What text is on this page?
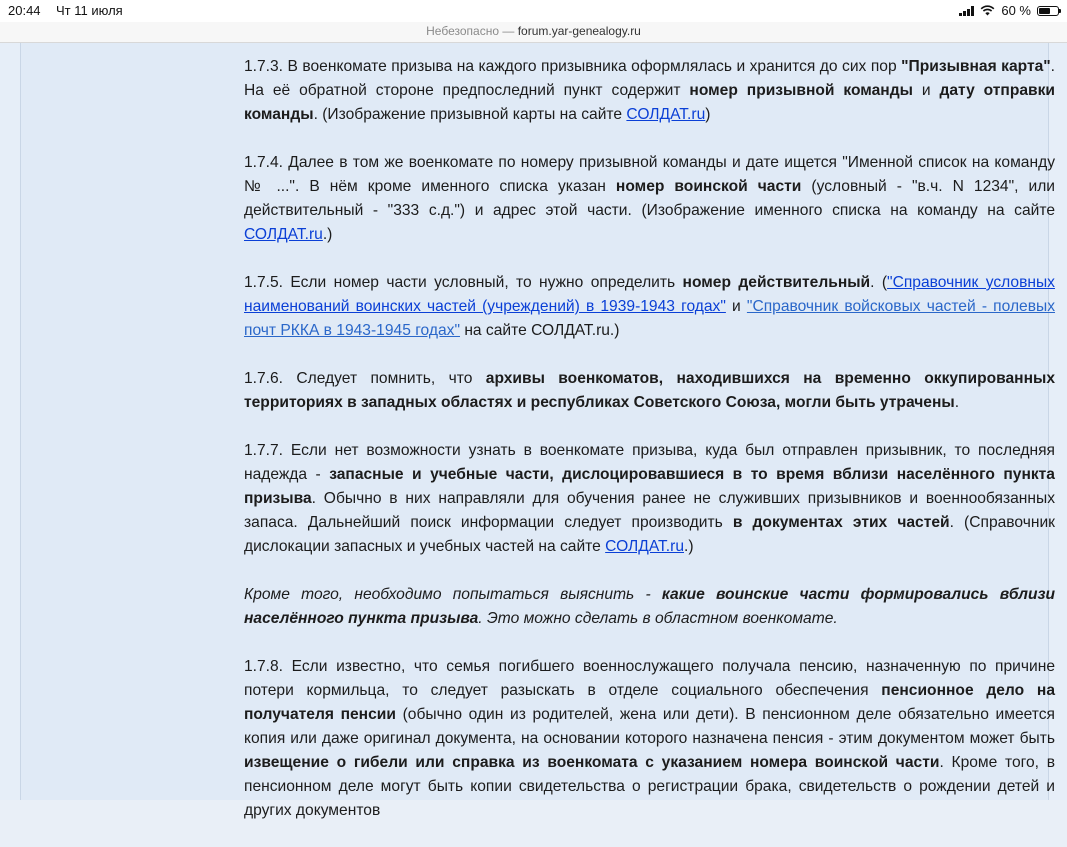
20:44 Чт 11 июля	60 %
Небезопасно — forum.yar-genealogy.ru

1.7.3. В военкомате призыва на каждого призывника оформлялась и хранится до сих пор "Призывная карта". На её обратной стороне предпоследний пункт содержит номер призывной команды и дату отправки команды. (Изображение призывной карты на сайте СОЛДАТ.ru)

1.7.4. Далее в том же военкомате по номеру призывной команды и дате ищется "Именной список на команду № ...". В нём кроме именного списка указан номер воинской части (условный - "в.ч. N 1234", или действительный - "333 с.д.") и адрес этой части. (Изображение именного списка на команду на сайте СОЛДАТ.ru.)

1.7.5. Если номер части условный, то нужно определить номер действительный. ("Справочник условных наименований воинских частей (учреждений) в 1939-1943 годах" и "Справочник войсковых частей - полевых почт РККА в 1943-1945 годах" на сайте СОЛДАТ.ru.)

1.7.6. Следует помнить, что архивы военкоматов, находившихся на временно оккупированных территориях в западных областях и республиках Советского Союза, могли быть утрачены.

1.7.7. Если нет возможности узнать в военкомате призыва, куда был отправлен призывник, то последняя надежда - запасные и учебные части, дислоцировавшиеся в то время вблизи населённого пункта призыва. Обычно в них направляли для обучения ранее не служивших призывников и военнообязанных запаса. Дальнейший поиск информации следует производить в документах этих частей. (Справочник дислокации запасных и учебных частей на сайте СОЛДАТ.ru.)

Кроме того, необходимо попытаться выяснить - какие воинские части формировались вблизи населённого пункта призыва. Это можно сделать в областном военкомате.

1.7.8. Если известно, что семья погибшего военнослужащего получала пенсию, назначенную по причине потери кормильца, то следует разыскать в отделе социального обеспечения пенсионное дело на получателя пенсии (обычно один из родителей, жена или дети). В пенсионном деле обязательно имеется копия или даже оригинал документа, на основании которого назначена пенсия - этим документом может быть извещение о гибели или справка из военкомата с указанием номера воинской части. Кроме того, в пенсионном деле могут быть копии свидетельства о регистрации брака, свидетельств о рождении детей и других документов
